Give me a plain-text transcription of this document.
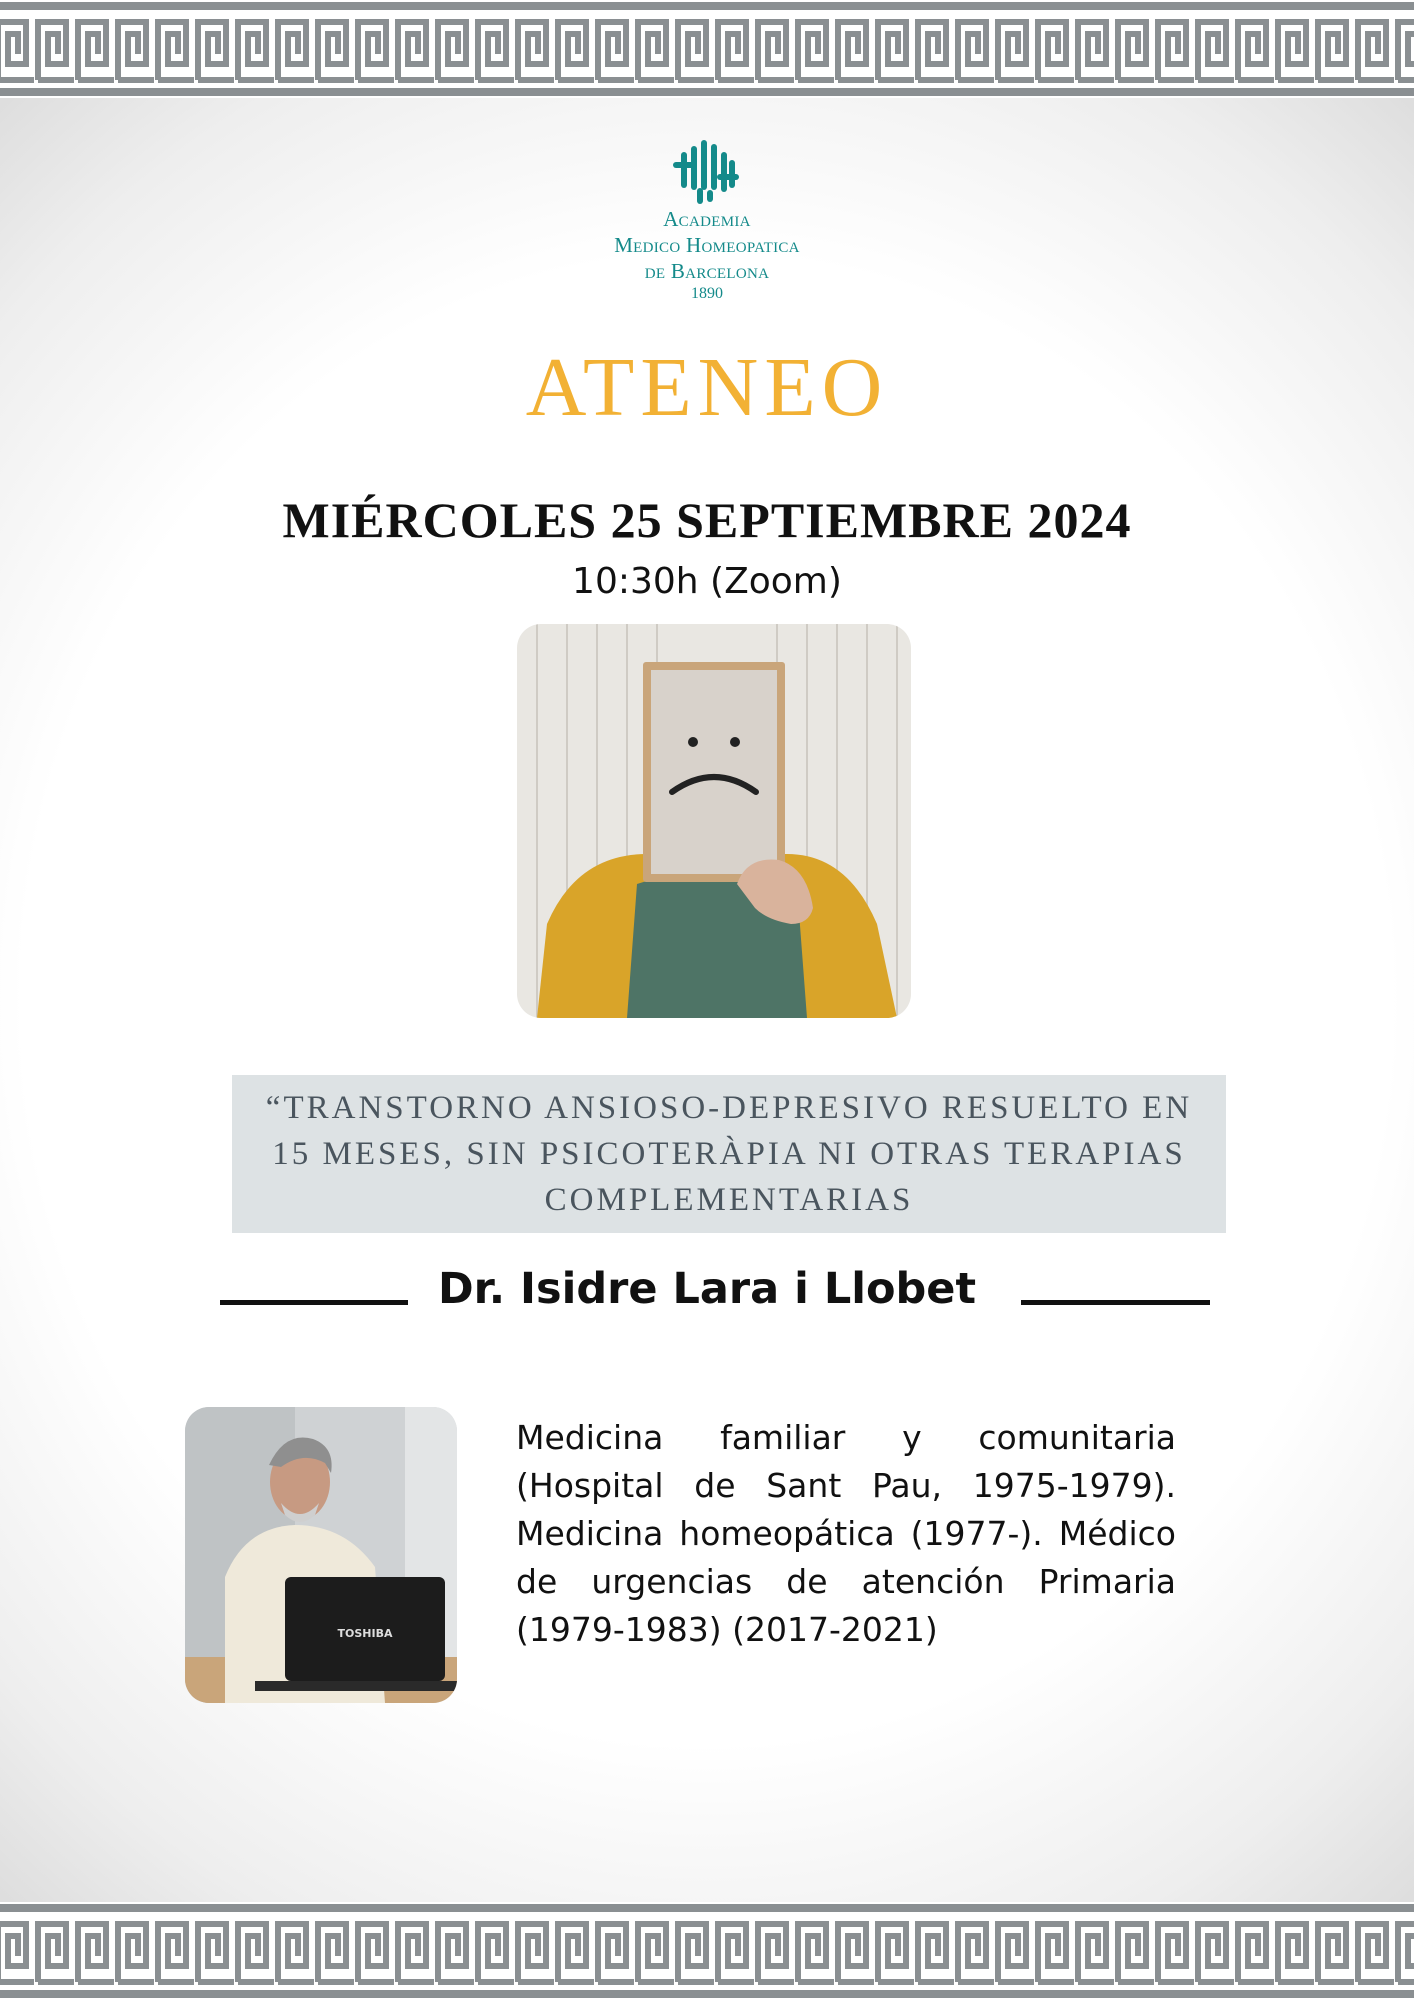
Academia
Medico Homeopatica
de Barcelona
1890
ATENEO
MIÉRCOLES 25 SEPTIEMBRE 2024
10:30h (Zoom)
“TRANSTORNO ANSIOSO-DEPRESIVO RESUELTO EN
15 MESES, SIN PSICOTERÀPIA NI OTRAS TERAPIAS
COMPLEMENTARIAS
Dr. Isidre Lara i Llobet
TOSHIBA
Medicina familiar y comunitaria (Hospital de Sant Pau, 1975-1979). Medicina homeopática (1977-). Médico de urgencias de atención Primaria (1979-1983) (2017-2021)
